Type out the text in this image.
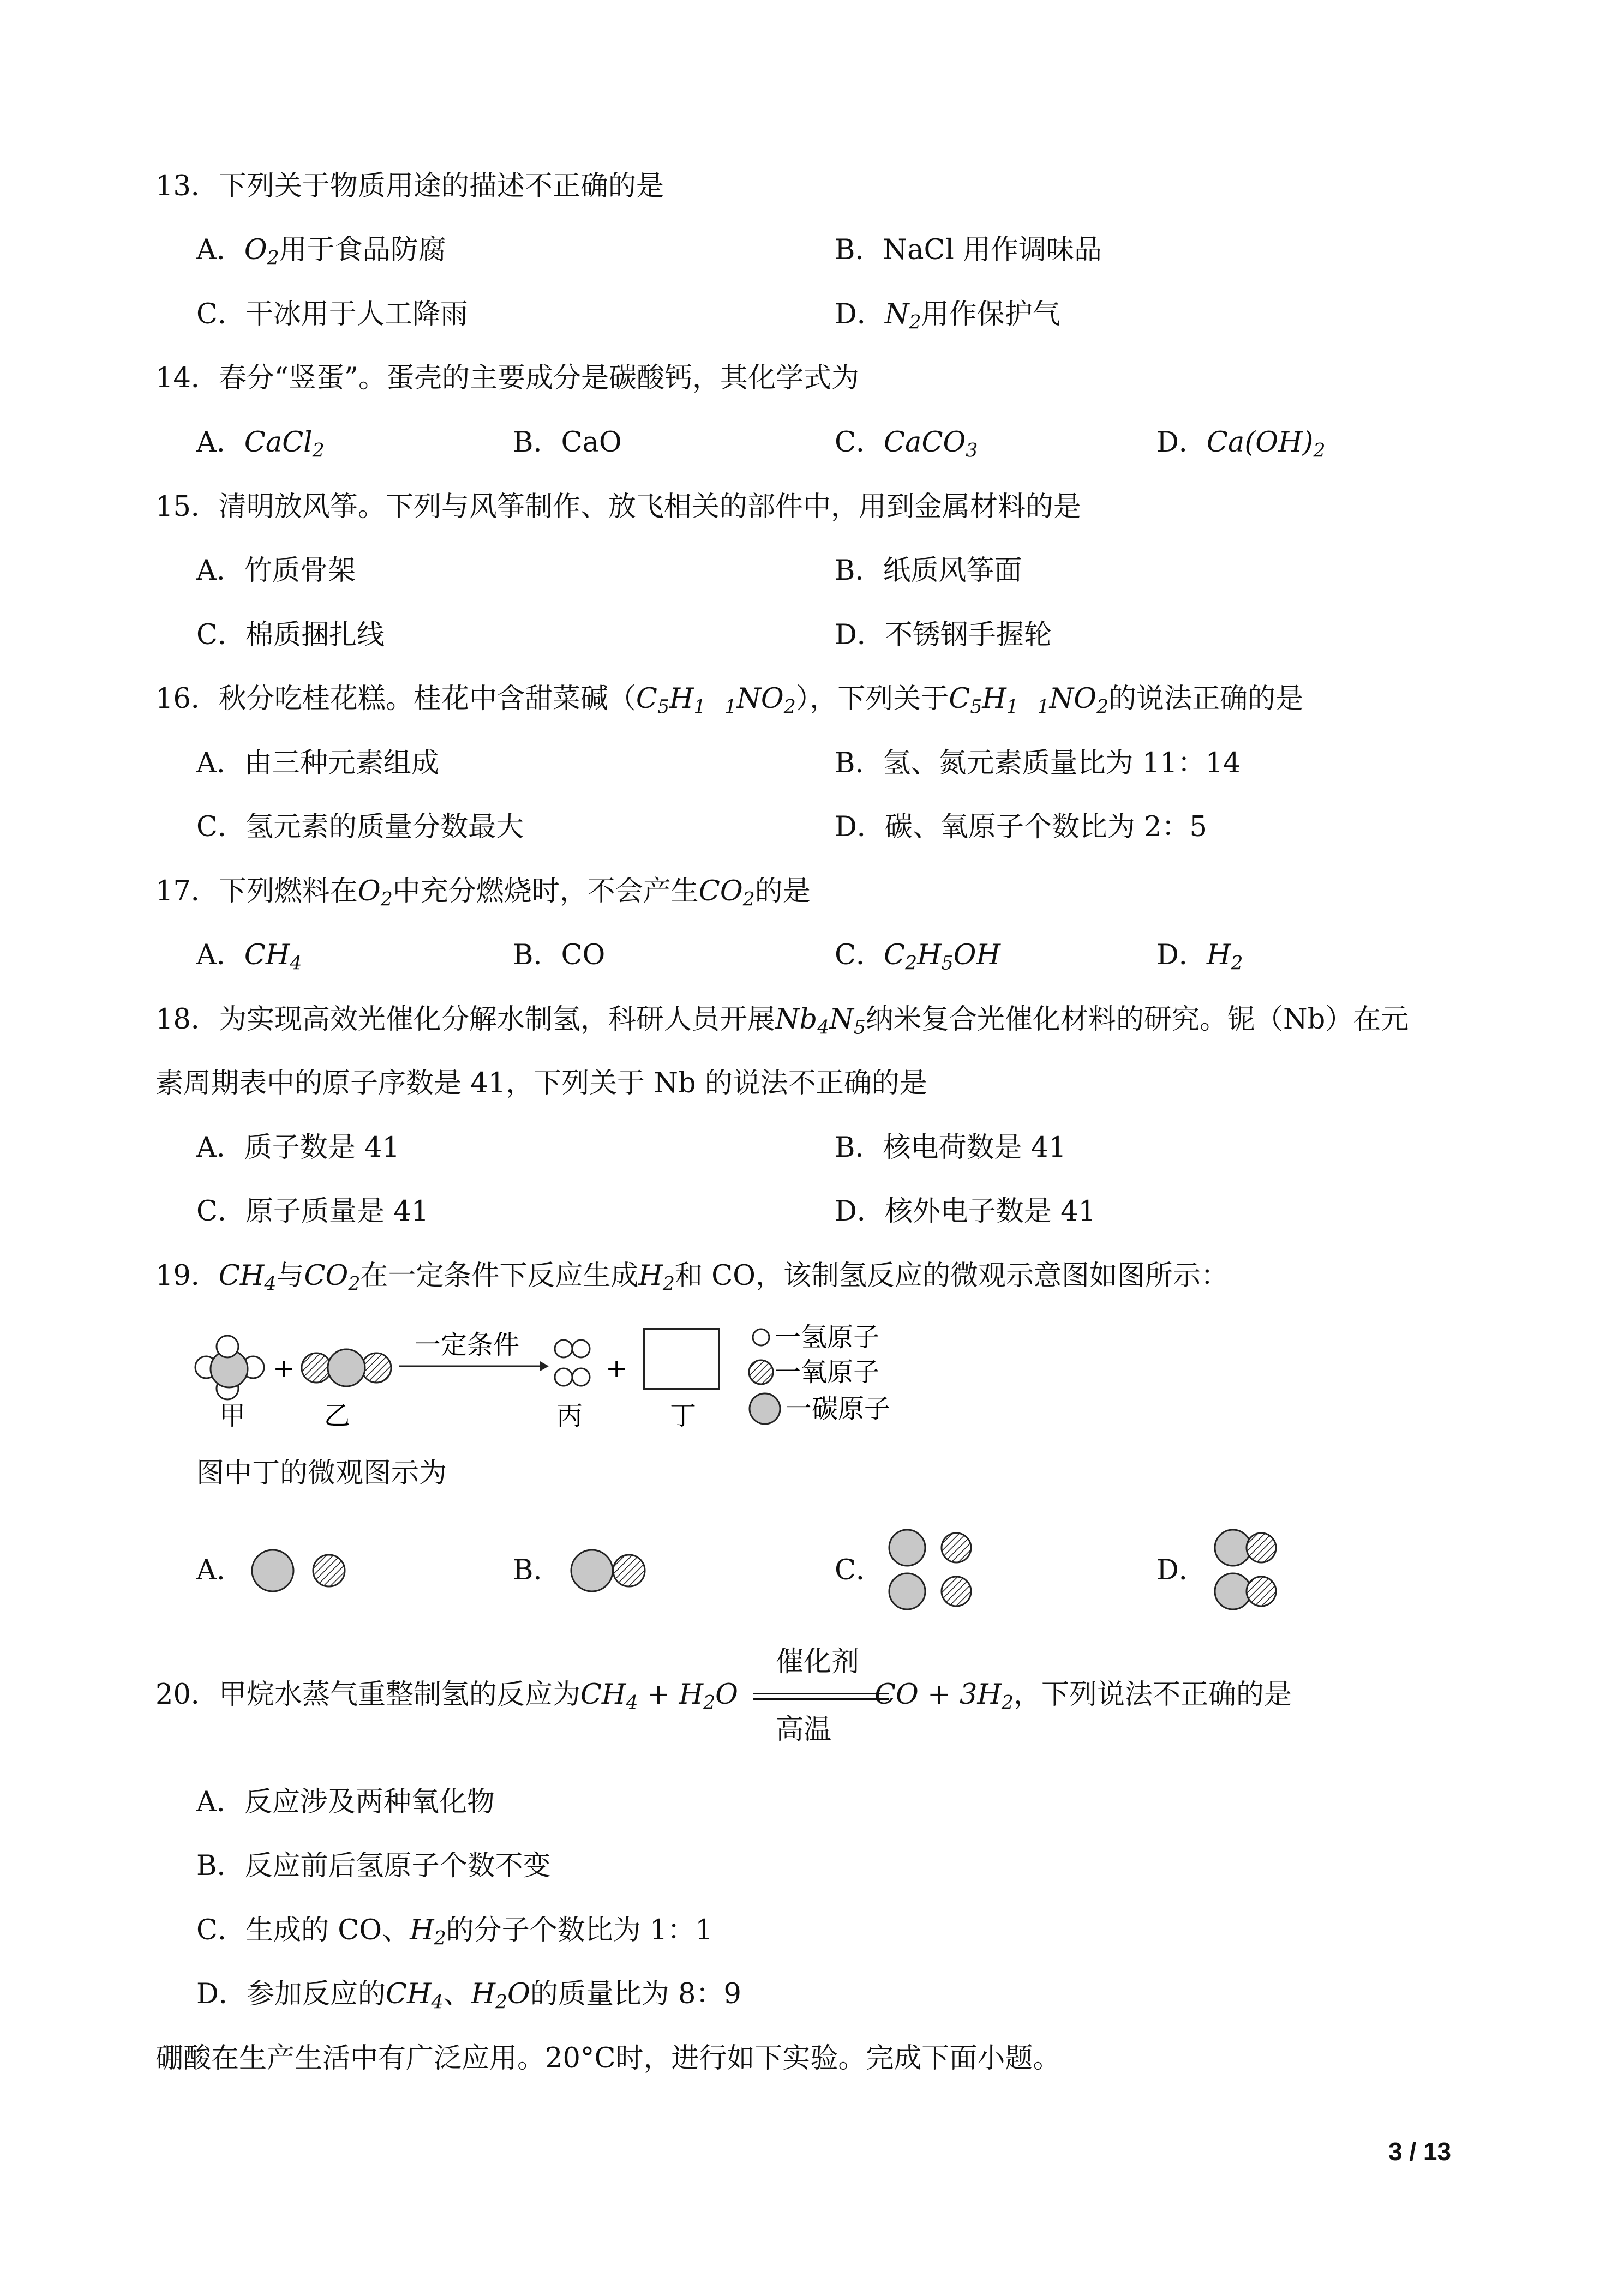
13．下列关于物质用途的描述不正确的是
A．$O_2$用于食品防腐	B．NaCl 用作调味品
C．干冰用于人工降雨	D．$N_2$用作保护气
14．春分“竖蛋”。蛋壳的主要成分是碳酸钙，其化学式为
A．CaCl$_2$	B．CaO	C．CaCO$_3$	D．$Ca(OH)_2$
15．清明放风筝。下列与风筝制作、放飞相关的部件中，用到金属材料的是
A．竹质骨架	B．纸质风筝面
C．棉质捆扎线	D．不锈钢手握轮
16．秋分吃桂花糕。桂花中含甜菜碱$(C_5H_{1 1}NO_2)$，下列关于$C_5H_{1 1}NO_2$的说法正确的是
A．由三种元素组成	B．氢、氮元素质量比为 11：14
C．氢元素的质量分数最大	D．碳、氧原子个数比为 2：5
17．下列燃料在$O_2$中充分燃烧时，不会产生$CO_2$的是
A．$CH_4$	B．CO	C．$C_2H_5OH$	D．$H_2$
18．为实现高效光催化分解水制氢，科研人员开展$Nb_4N_5$纳米复合光催化材料的研究。铌（Nb）在元
素周期表中的原子序数是 41，下列关于 Nb 的说法不正确的是
A．质子数是 41	B．核电荷数是 41
C．原子质量是 41	D．核外电子数是 41
19．$CH_4$与$CO_2$在一定条件下反应生成$H_2$和 CO，该制氢反应的微观示意图如图所示：
+
一定条件
+
甲	乙	丙	丁
一氢原子
一氧原子
一碳原子
图中丁的微观图示为
A．	B．	C．	D．
催化剂
高温
20．甲烷水蒸气重整制氢的反应为$CH_4 + H_2O$	CO + $3H_2$，下列说法不正确的是
A．反应涉及两种氧化物
B．反应前后氢原子个数不变
C．生成的 CO、$H_2$的分子个数比为 1：1
D．参加反应的$CH_4$、$H_2O$的质量比为 8：9
硼酸在生产生活中有广泛应用。20°C时，进行如下实验。完成下面小题。
3 / 13
